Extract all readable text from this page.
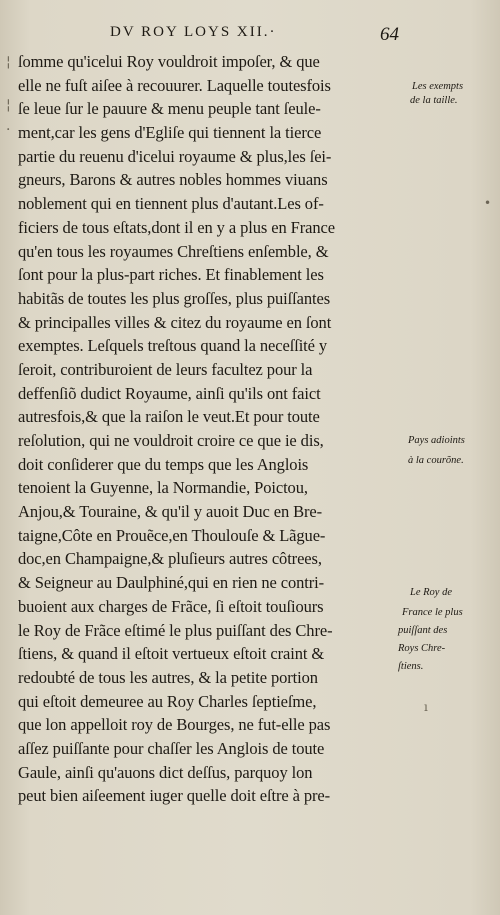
DV ROY LOYS XII.·	64
¦
¦
·
ſomme qu'icelui Roy vouldroit impoſer, & que
elle ne fuſt aiſee à recouurer. Laquelle toutesfois
ſe leue ſur le pauure & menu peuple tant ſeule-
ment,car les gens d'Egliſe qui tiennent la tierce
partie du reuenu d'icelui royaume & plus,les ſei-
gneurs, Barons & autres nobles hommes viuans
noblement qui en tiennent plus d'autant.Les of-
ficiers de tous eſtats,dont il en y a plus en France
qu'en tous les royaumes Chreſtiens enſemble, &
ſont pour la plus-part riches. Et finablement les
habitãs de toutes les plus groſſes, plus puiſſantes
& principalles villes & citez du royaume en ſont
exemptes. Leſquels treſtous quand la neceſſité y
ſeroit, contriburoient de leurs facultez pour la
deffenſiõ dudict Royaume, ainſi qu'ils ont faict
autresfois,& que la raiſon le veut.Et pour toute
reſolution, qui ne vouldroit croire ce que ie dis,
doit conſiderer que du temps que les Anglois
tenoient la Guyenne, la Normandie, Poictou,
Anjou,& Touraine, & qu'il y auoit Duc en Bre-
taigne,Côte en Prouẽce,en Thoulouſe & Lãgue-
doc,en Champaigne,& pluſieurs autres côtrees,
& Seigneur au Daulphiné,qui en rien ne contri-
buoient aux charges de Frãce, ſi eſtoit touſiours
le Roy de Frãce eſtimé le plus puiſſant des Chre-
ſtiens, & quand il eſtoit vertueux eſtoit craint &
redoubté de tous les autres, & la petite portion
qui eſtoit demeuree au Roy Charles ſeptieſme,
que lon appelloit roy de Bourges, ne fut-elle pas
aſſez puiſſante pour chaſſer les Anglois de toute
Gaule, ainſi qu'auons dict deſſus, parquoy lon
peut bien aiſeement iuger quelle doit eſtre à pre-
Les exempts
de la taille.
Pays adioints
à la courõne.
Le Roy de
France le plus
puiſſant des
Roys Chre-
ſtiens.
•
ı
